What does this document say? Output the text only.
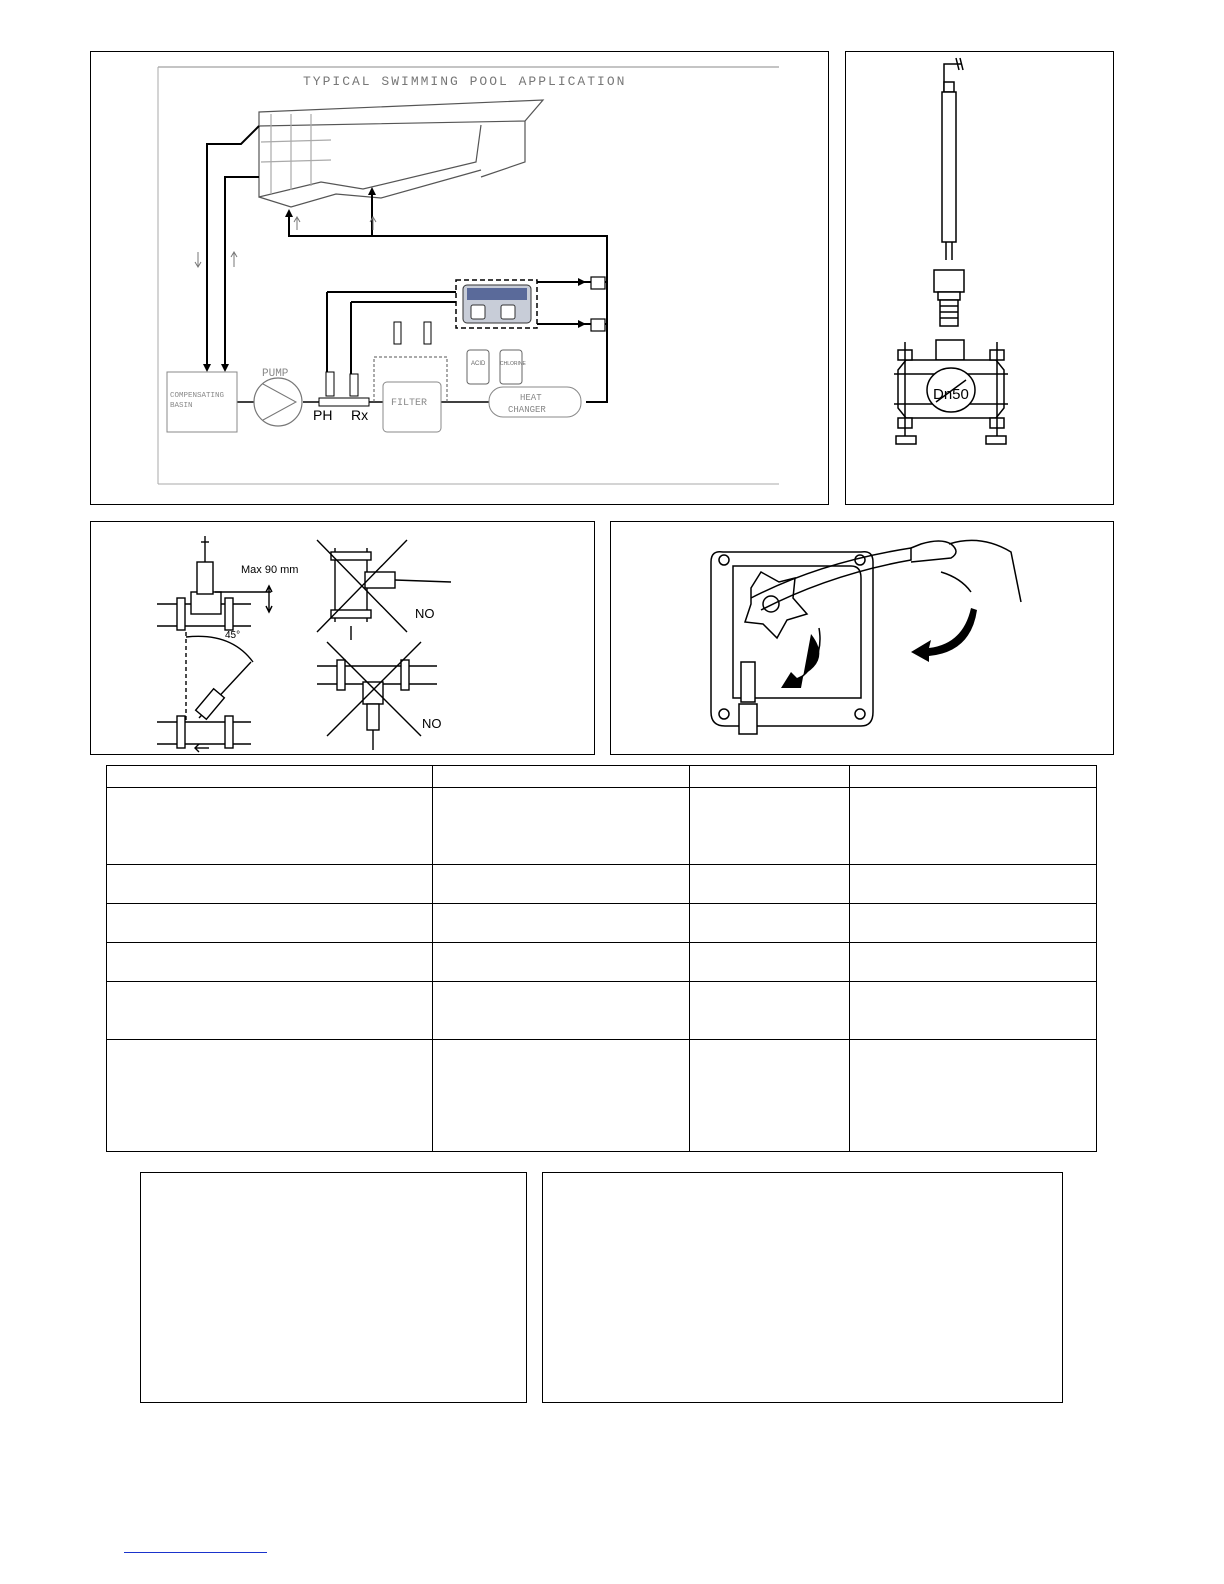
TYPICAL SWIMMING POOL APPLICATION
ACID	CHLORINE
COMPENSATING
BASIN
PUMP
PH Rx
FILTER	HEAT
CHANGER
Dn50
Max 90 mm
45°
NO
NO
